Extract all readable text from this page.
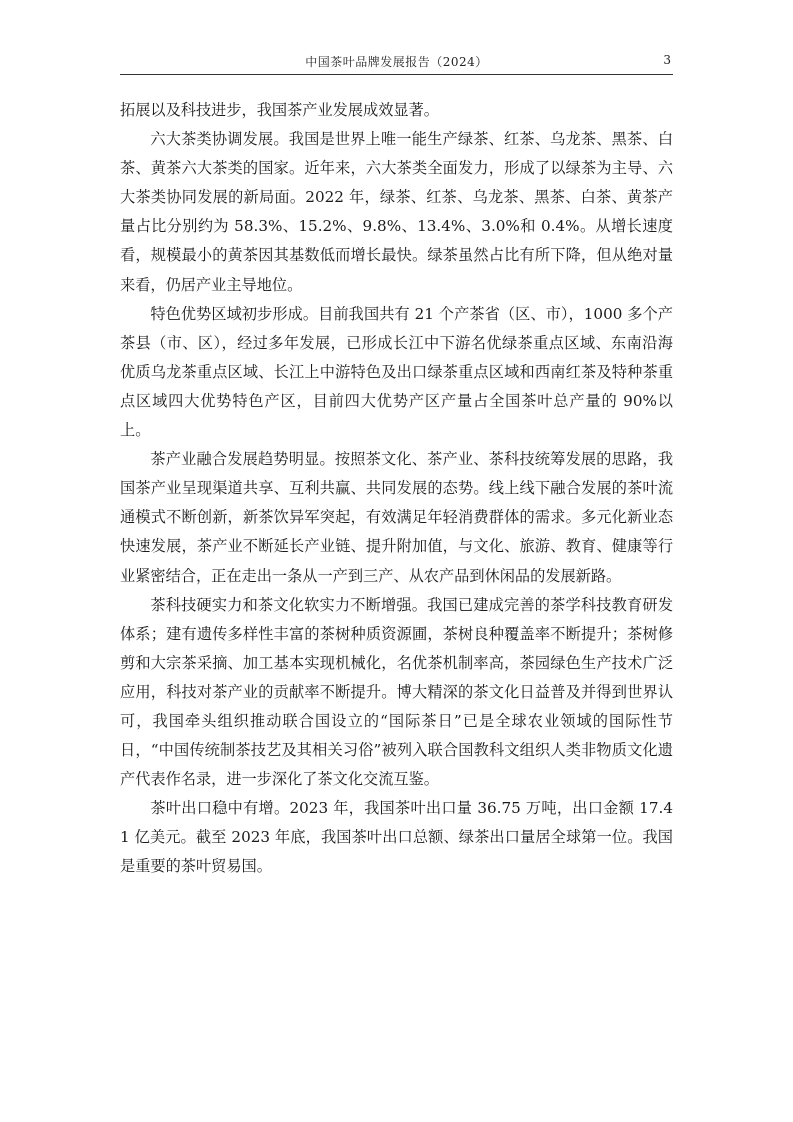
中国茶叶品牌发展报告（2024）	3

拓展以及科技进步，我国茶产业发展成效显著。

六大茶类协调发展。我国是世界上唯一能生产绿茶、红茶、乌龙茶、黑茶、白茶、黄茶六大茶类的国家。近年来，六大茶类全面发力，形成了以绿茶为主导、六大茶类协同发展的新局面。2022 年，绿茶、红茶、乌龙茶、黑茶、白茶、黄茶产量占比分别约为 58.3%、15.2%、9.8%、13.4%、3.0%和 0.4%。从增长速度看，规模最小的黄茶因其基数低而增长最快。绿茶虽然占比有所下降，但从绝对量来看，仍居产业主导地位。

特色优势区域初步形成。目前我国共有 21 个产茶省（区、市），1000 多个产茶县（市、区），经过多年发展，已形成长江中下游名优绿茶重点区域、东南沿海优质乌龙茶重点区域、长江上中游特色及出口绿茶重点区域和西南红茶及特种茶重点区域四大优势特色产区，目前四大优势产区产量占全国茶叶总产量的 90%以上。

茶产业融合发展趋势明显。按照茶文化、茶产业、茶科技统筹发展的思路，我国茶产业呈现渠道共享、互利共赢、共同发展的态势。线上线下融合发展的茶叶流通模式不断创新，新茶饮异军突起，有效满足年轻消费群体的需求。多元化新业态快速发展，茶产业不断延长产业链、提升附加值，与文化、旅游、教育、健康等行业紧密结合，正在走出一条从一产到三产、从农产品到休闲品的发展新路。

茶科技硬实力和茶文化软实力不断增强。我国已建成完善的茶学科技教育研发体系；建有遗传多样性丰富的茶树种质资源圃，茶树良种覆盖率不断提升；茶树修剪和大宗茶采摘、加工基本实现机械化，名优茶机制率高，茶园绿色生产技术广泛应用，科技对茶产业的贡献率不断提升。博大精深的茶文化日益普及并得到世界认可，我国牵头组织推动联合国设立的“国际茶日”已是全球农业领域的国际性节日，“中国传统制茶技艺及其相关习俗”被列入联合国教科文组织人类非物质文化遗产代表作名录，进一步深化了茶文化交流互鉴。

茶叶出口稳中有增。2023 年，我国茶叶出口量 36.75 万吨，出口金额 17.41 亿美元。截至 2023 年底，我国茶叶出口总额、绿茶出口量居全球第一位。我国是重要的茶叶贸易国。
